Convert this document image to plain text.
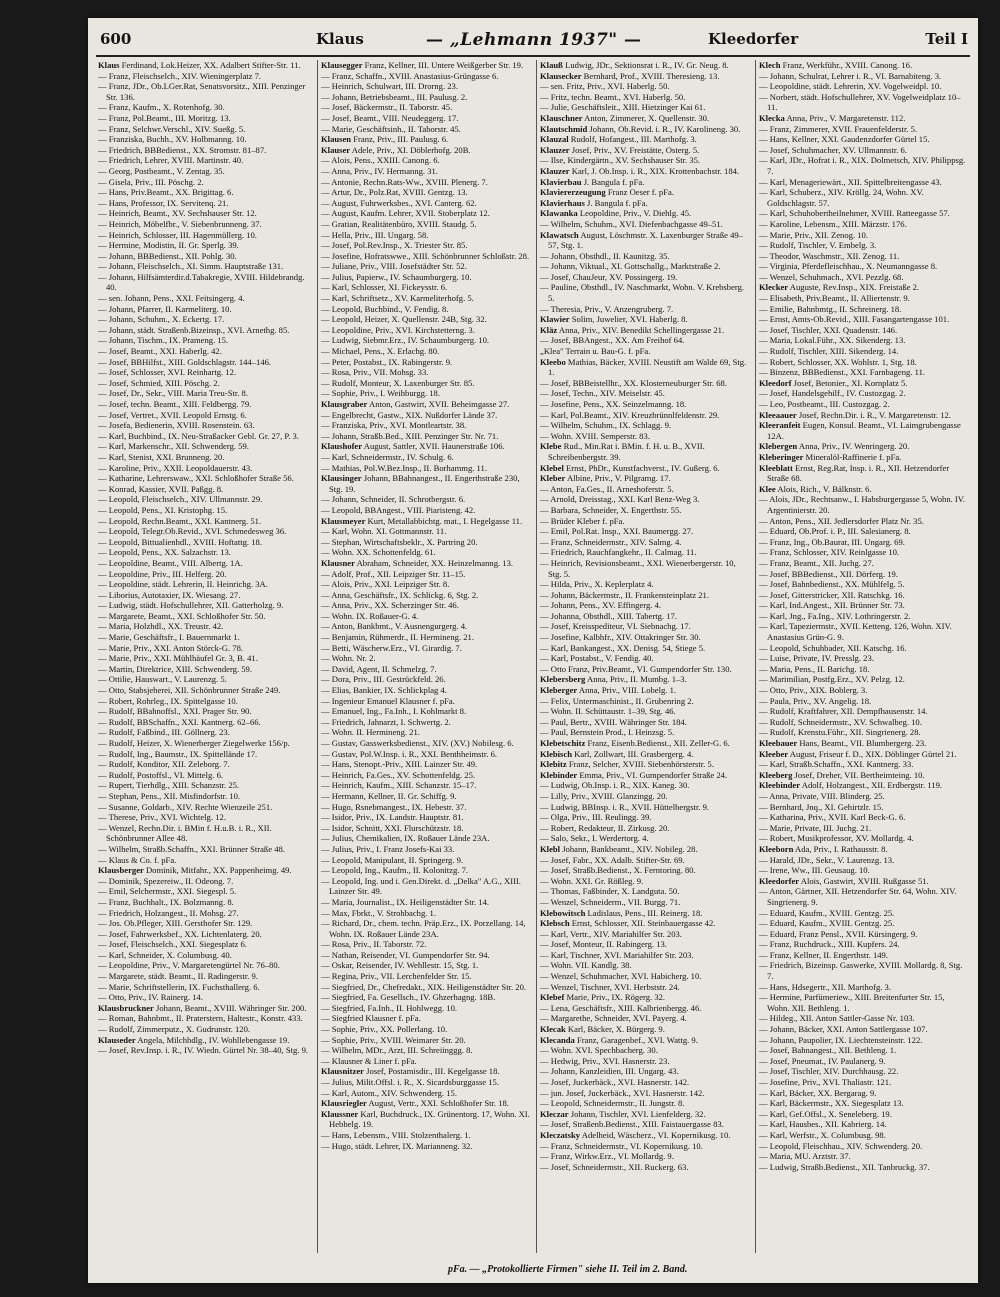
600	Klaus	— „Lehmann 1937" —	Kleedorfer	Teil I

Klaus Ferdinand, Lok.Heizer, XX. Adalbert Stifter-Str. 11.

— Franz, Fleischselch., XIV. Wieningerplatz 7.

— Franz, JDr., Ob.LGer.Rat, Senatsvorsitz., XIII. Penzinger Str. 136.

— Franz, Kaufm., X. Rotenhofg. 30.

— Franz, Pol.Beamt., III. Moritzg. 13.

— Franz, Selchwr.Verschl., XIV. Sueßg. 5.

— Franziska, Buchh., XV. Holbmanng. 10.

— Friedrich, BBBedienst., XX. Stromstr. 81–87.

— Friedrich, Lehrer, XVIII. Martinstr. 40.

— Georg, Postbeamt., V. Zentag. 35.

— Gisela, Priv., III. Pöschg. 2.

— Hans, Priv.Beamt., XX. Brigittag. 6.

— Hans, Professor, IX. Servitenq. 21.

— Heinrich, Beamt., XV. Sechshauser Str. 12.

— Heinrich, Möbelfbr., V. Siebenbrunneng. 37.

— Heinrich, Schlosser, III. Hagenmüllerg. 10.

— Hermine, Modistin, II. Gr. Sperlg. 39.

— Johann, BBBedienst., XII. Pohlg. 30.

— Johann, Fleischselch., XI. Simm. Hauptstraße 131.

— Johann, Hilfsämterdir.d.Tabakregie, XVIII. Hildebrandg. 40.

— sen. Johann, Pens., XXI. Feitsingerg. 4.

— Johann, Pfarrer, II. Karmeliterg. 10.

— Johann, Schuhm., X. Eckertg. 17.

— Johann, städt. Straßenb.Bizeinsp., XVI. Arnethg. 85.

— Johann, Tischm., IX. Prameng. 15.

— Josef, Beamt., XXI. Haberlg. 42.

— Josef, BBHilfst., XIII. Goldschlagstr. 144–146.

— Josef, Schlosser, XVI. Reinhartg. 12.

— Josef, Schmied, XIII. Pöschg. 2.

— Josef, Dr., Sekr., VIII. Maria Treu-Str. 8.

— Josef, techn. Beamt., XIII. Feldbergg. 79.

— Josef, Vertret., XVII. Leopold Ernstg. 6.

— Josefa, Bedienerin, XVIII. Rosenstein. 63.

— Karl, Buchbind., IX. Neu-Straßacker Gebl. Gr. 27, P. 3.

— Karl, Markenschr., XII. Schwenderg. 59.

— Karl, Stenist, XXI. Brunneng. 20.

— Karoline, Priv., XXII. Leopoldauerstr. 43.

— Katharine, Lehrerswaw., XXI. Schloßhofer Straße 56.

— Konrad, Kassier, XVII. Paßgg. 8.

— Leopold, Fleischselch., XIV. Ullmannstr. 29.

— Leopold, Pens., XI. Kristophg. 15.

— Leopold, Rechn.Beamt., XXI. Kantnerg. 51.

— Leopold, Telegr.Ob.Revid., XVI. Schmedesweg 36.

— Leopold, Bittualienhdl., XVIII. Hoftattg. 18.

— Leopold, Pens., XX. Salzachstr. 13.

— Leopoldine, Beamt., VIII. Albertg. 1A.

— Leopoldine, Priv., III. Helferg. 20.

— Leopoldine, städt. Lehrerin, II. Heinrichg. 3A.

— Liborius, Autotaxier, IX. Wiesang. 27.

— Ludwig, städt. Hofschullehrer, XII. Gatterholzg. 9.

— Margarete, Beamt., XXI. Schloßhofer Str. 50.

— Maria, Holzhdl., XX. Treustr. 42.

— Marie, Geschäftsfr., I. Bauernmarkt 1.

— Marie, Priv., XXI. Anton Störck-G. 78.

— Marie, Priv., XXI. Mühlhäufel Gr. 3, B. 41.

— Martin, Direktrice, XIII. Schwenderg. 59.

— Ottilie, Hauswart., V. Laurenzg. 5.

— Otto, Stabsjeherei, XII. Schönbrunner Straße 249.

— Robert, Rohrleg., IX. Spittelgasse 10.

— Rudolf, BBahnoffsl., XXI. Prager Str. 90.

— Rudolf, BBSchaffn., XXI. Kantnerg. 62–66.

— Rudolf, Faßbind., III. Göllnerg. 23.

— Rudolf, Heizer, X. Wienerberger Ziegelwerke 156/p.

— Rudolf, Ing., Baumstr., IX. Spittellände 17.

— Rudolf, Konditor, XII. Zeleborg. 7.

— Rudolf, Postoffsl., VI. Mittelg. 6.

— Rupert, Tierhdlg., XIII. Schanzstr. 25.

— Stephan, Pens., XII. Misfindorfstr. 10.

— Susanne, Goldarb., XIV. Rechte Wienzeile 251.

— Therese, Priv., XVI. Wichtelg. 12.

— Wenzel, Rechn.Dir. i. BMin f. H.u.B. i. R., XII. Schönbrunner Allee 48.

— Wilhelm, Straßb.Schaffn., XXI. Brünner Straße 48.

— Klaus & Co. f. pFa.

Klausberger Dominik, Mitfahr., XX. Pappenheimg. 49.

— Dominik, Spezereiw., II. Odeong. 7.

— Emil, Selchermstr., XXI. Siegespl. 5.

— Franz, Buchhalt., IX. Bolzmanng. 8.

— Friedrich, Holzangest., II. Mohsg. 27.

— Jos. Ob.Pfleger, XIII. Gersthofer Str. 129.

— Josef, Fahrwerksbef., XX. Lichtenlaterg. 20.

— Josef, Fleischselch., XXI. Siegesplatz 6.

— Karl, Schneider, X. Columbusg. 40.

— Leopoldine, Priv., V. Margaretengürtel Nr. 76–80.

— Margarete, städt. Beamt., II. Radingerstr. 9.

— Marie, Schriftstellerin, IX. Fuchsthallerg. 6.

— Otto, Priv., IV. Rainerg. 14.

Klausbruckner Johann, Beamt., XVIII. Währinger Str. 200.

— Roman, Bahnbmt., II. Praterstern, Haltestr., Konstr. 433.

— Rudolf, Zimmerputz., X. Gudrunstr. 120.

Klauseder Angela, Milchhdlg., IV. Wohllebengasse 19.

— Josef, Rev.Insp. i. R., IV. Wiedn. Gürtel Nr. 38–40, Stg. 9.

Klausegger Franz, Kellner, III. Untere Weißgerber Str. 19.

— Franz, Schaffn., XVIII. Anastasius-Grüngasse 6.

— Heinrich, Schulwart, III. Drorng. 23.

— Johann, Betriebsbeamt., III. Paulusg. 2.

— Josef, Bäckermstr., II. Taborstr. 45.

— Josef, Beamt., VIII. Neudeggerg. 17.

— Marie, Geschäftsinh., II. Taborstr. 45.

Klausen Franz, Priv., III. Paulusg. 6.

Klauser Adele, Priv., XI. Döblerhofg. 20B.

— Alois, Pens., XXIII. Canong. 6.

— Anna, Priv., IV. Hermanng. 31.

— Antonie, Rechn.Rats-Ww., XVIII. Plenerg. 7.

— Artur, Dr., Polz.Rat, XVIII. Gentzg. 13.

— August, Fuhrwerksbes., XVI. Canterg. 62.

— August, Kaufm. Lehrer, XVII. Stoberplatz 12.

— Gratian, Realitätenbüro, XVIII. Staudg. 5.

— Hella, Priv., III. Ungarg. 58.

— Josef, Pol.Rev.Insp., X. Triester Str. 85.

— Josefine, Hofratswwe., XIII. Schönbrunner Schloßstr. 28.

— Juliane, Priv., VIII. Josefstädter Str. 52.

— Julius, Papierw., IV. Schaumburgerg. 10.

— Karl, Schlosser, XI. Fickeysstr. 6.

— Karl, Schriftsetz., XV. Karmeliterhofg. 5.

— Leopold, Buchbind., V. Fendig. 8.

— Leopold, Heizer, X. Quellenstr. 24B, Stg. 32.

— Leopoldine, Priv., XVI. Kirchstetterng. 3.

— Ludwig, Siebmr.Erz., IV. Schaumburgerg. 10.

— Michael, Pens., X. Erlachg. 80.

— Peter, Postabst., IX. Rabingerstr. 9.

— Rosa, Priv., VII. Mohsg. 33.

— Rudolf, Monteur, X. Laxenburger Str. 85.

— Sophie, Priv., I. Weihburgg. 18.

Klausgraber Anton, Gastwirt, XVII. Beheimgasse 27.

— Engelbrecht, Gastw., XIX. Nußdorfer Lände 37.

— Franziska, Priv., XVI. Montleartstr. 38.

— Johann, Straßb.Bed., XIII. Penzinger Str. Nr. 71.

Klaushofer August, Sattler, XVII. Haunerstraße 106.

— Karl, Schneidermstr., IV. Schulg. 6.

— Mathias, Pol.W.Bez.Insp., II. Borhammg. 11.

Klausinger Johann, BBahnangest., II. Engerthstraße 230, Stg. 19.

— Johann, Schneider, II. Schrotbergstr. 6.

— Leopold, BBAngest., VIII. Piaristeng. 42.

Klausmeyer Kurt, Metallabbichtg. mat., I. Hegelgasse 11.

— Karl, Wohn. XI. Gottmannstr. 11.

— Stephan, Wirtschaftsbeklr., X. Partring 20.

— Wohn. XX. Schottenfeldg. 61.

Klausner Abraham, Schneider, XX. Heinzelmanng. 13.

— Adolf, Prof., XII. Leipziger Str. 11–15.

— Alois, Priv., XXI. Leipziger Str. 8.

— Anna, Geschäftsfr., IX. Schlickg. 6, Stg. 2.

— Anna, Priv., XX. Scherzinger Str. 46.

— Wohn. IX. Roßauer-G. 4.

— Anton, Bankbmt., V. Ausnengurgerg. 4.

— Benjamin, Rühmerdr., II. Hermineng. 21.

— Betti, Wäscherw.Erz., VI. Girardig. 7.

— Wohn. Nr. 2.

— David, Agent, II. Schmelzg. 7.

— Dora, Priv., III. Gestrückfeld. 26.

— Elias, Bankier, IX. Schlickplag 4.

— Ingenieur Emanuel Klausner f. pFa.

— Emanuel, Ing., Fa.Inh., I. Kohlmarkt 8.

— Friedrich, Jahnarzt, I. Schwertg. 2.

— Wohn. II. Hermineng. 21.

— Gustav, Gasswerksbedienst., XIV. (XV.) Nobilesg. 6.

— Gustav, Pol.W.Insp. i. R., XXI. Benthheimstr. 6.

— Hans, Stenopt.-Priv., XIII. Lainzer Str. 49.

— Heinrich, Fa.Ges., XV. Schottenfeldg. 25.

— Heinrich, Kaufm., XIII. Schanzstr. 15–17.

— Hermann, Kellner, II. Gr. Schiffg. 9.

— Hugo, Rsnebmangest., IX. Hebestr. 37.

— Isidor, Priv., IX. Landstr. Hauptstr. 81.

— Isidor, Schnitt, XXI. Flurschützstr. 18.

— Julius, Chemikalien, IX. Roßauer Lände 23A.

— Julius, Priv., I. Franz Josefs-Kai 33.

— Leopold, Manipulant, II. Springerg. 9.

— Leopold, Ing., Kaufm., II. Kolonitzg. 7.

— Leopold, Ing. und i. Gen.Direkt. d. „Delka" A.G., XIII. Lainzer Str. 49.

— Maria, Journalist., IX. Heiligenstädter Str. 14.

— Max, Fbrkt., V. Strohbachg. 1.

— Richard, Dr., chem. techn. Präp.Erz., IX. Porzellang. 14, Wohn. IX. Roßauer Lände 23A.

— Rosa, Priv., II. Taborstr. 72.

— Nathan, Reisender, VI. Gumpendorfer Str. 94.

— Oskar, Reisender, IV. Wehllestr. 15, Stg. 1.

— Regina, Priv., VII. Lerchenfelder Str. 15.

— Siegfried, Dr., Chefredakt., XIX. Heiligenstädter Str. 20.

— Siegfried, Fa. Gesellsch., IV. Ghzerhagng. 18B.

— Siegfried, Fa.Inh., II. Hohlwegg. 10.

— Siegfried Klausner f. pFa.

— Sophie, Priv., XX. Pollerlang. 10.

— Sophie, Priv., XVIII. Weimarer Str. 20.

— Wilhelm, MDr., Arzt, III. Schreiinggg. 8.

— Klausner & Liner f. pFa.

Klausnitzer Josef, Postamisdir., III. Kegelgasse 18.

— Julius, Milit.Offsl. i. R., X. Sicardsburggasse 15.

— Karl, Autom., XIV. Schwenderg. 15.

Klausriegler August, Vertr., XXI. Schloßhofer Str. 18.

Klaussner Karl, Buchdruck., IX. Grünentorg. 17, Wohn. XI. Hebbelg. 19.

— Hans, Lebensm., VIII. Stolzenthalerg. 1.

— Hugo, städt. Lehrer, IX. Marianneng. 32.

Klauß Ludwig, JDr., Sektionsrat i. R., IV. Gr. Neug. 8.

Klausecker Bernhard, Prof., XVIII. Theresieng. 13.

— sen. Fritz, Priv., XVI. Haberlg. 50.

— Fritz, techn. Beamt., XVI. Haberlg. 50.

— Julie, Geschäftsleit., XIII. Hietzinger Kai 61.

Klauschner Anton, Zimmerer, X. Quellenstr. 30.

Klautschmid Johann, Ob.Revid. i. R., IV. Karolineng. 30.

Klauzal Rudolf, Hofangest., III. Marthofg. 3.

Klauzer Josef, Priv., XV. Freistätte, Osterg. 5.

— Ilse, Kindergärtn., XV. Sechshauser Str. 35.

Klauzer Karl, J. Ob.Insp. i. R., XIX. Krottenbachstr. 184.

Klavierbau J. Bangula f. pFa.

Klaviererzeugung Franz Oeser f. pFa.

Klavierhaus J. Bangula f. pFa.

Klawanka Leopoldine, Priv., V. Diehlg. 45.

— Wilhelm, Schuhm., XVI. Diefenbachgasse 49–51.

Klawatsch August, Löschmstr. X. Laxenburger Straße 49–57, Stg. 1.

— Johann, Obsthdl., II. Kaunitzg. 35.

— Johann, Viktual., XI. Gottschallg., Marktstraße 2.

— Josef, ChauJeur, XV. Possingerg. 19.

— Pauline, Obsthdl., IV. Naschmarkt, Wohn. V. Krebsberg. 5.

— Theresia, Priv., V. Anzengruberg. 7.

Klawier Solim, Juwelier, XVI. Haberlg. 8.

Kläz Anna, Priv., XIV. Benedikt Schellingergasse 21.

— Josef, BBAngest., XX. Am Freihof 64.

„Klea" Terrain u. Bau-G. f. pFa.

Kleebo Mathias, Bäcker, XVIII. Neustift am Walde 69, Stg. 1.

— Josef, BBBeistellhr., XX. Klosterneuburger Str. 68.

— Josef, Techn., XIV. Meiselstr. 45.

— Josefine, Pens., XX. Seinzelmanng. 18.

— Karl, Pol.Beamt., XIV. Kreuzbrünnlfeldenstr. 29.

— Wilhelm, Schuhm., IX. Schlagg. 9.

— Wohn. XVIII. Semperstr. 83.

Klebe Rud., Min.Rat i. BMin. f. H. u. B., XVII. Schreibenbergstr. 39.

Klebel Ernst, PhDr., Kunstfachverst., IV. Gußerg. 6.

Kleber Albine, Priv., V. Pilgramg. 17.

— Anton, Fa.Ges., II. Arneshoferstr. 5.

— Arnold, Dreisstag., XXI. Karl Benz-Weg 3.

— Barbara, Schneider, X. Engerthstr. 55.

— Brüder Kleber f. pFa.

— Emil, Pol.Rat. Insp., XXI. Baumergg. 27.

— Franz, Schneidermstr., XIV. Salmg. 4.

— Friedrich, Rauchfangkehr., II. Calmag. 11.

— Heinrich, Revisionsbeamt., XXI. Wienerbergerstr. 10, Stg. 5.

— Hilda, Priv., X. Keplerplatz 4.

— Johann, Bäckermstr., II. Frankensteinplatz 21.

— Johann, Pens., XV. Effingerg. 4.

— Johanna, Obsthdl., XIII. Tabertg. 17.

— Josef, Kreisspediteur, VI. Siebnachg. 17.

— Josefine, Kalbhfr., XIV. Ottakringer Str. 30.

— Karl, Bankangest., XX. Denisg. 54, Stiege 5.

— Karl, Postabst., V. Fendig. 40.

— Otto Franz, Priv.Beamt., VI. Gumpendorfer Str. 130.

Klebersberg Anna, Priv., II. Mumbg. 1–3.

Kleberger Anna, Priv., VIII. Lobelg. 1.

— Felix, Untermaschinist., II. Grubenring 2.

— Wohn. II. Schüttaustr. 1–39, Stg. 46.

— Paul, Bertr., XVIII. Währinger Str. 184.

— Paul, Bernstein Prod., I. Heinzsg. 5.

Klebetschitz Franz, Eisenb.Bedienst., XII. Zeller-G. 6.

Klebisch Karl, Zollwart, III. Grasbergerg. 4.

Klebitz Franz, Selcher, XVIII. Siebenhörsterstr. 5.

Klebinder Emma, Priv., VI. Gumpendorfer Straße 24.

— Ludwig, Ob.Insp. i. R., XIX. Kaneg. 30.

— Lilly, Priv., XVIII. Glanzingg. 20.

— Ludwig, BBInsp. i. R., XVII. Hüttelbergstr. 9.

— Olga, Priv., III. Reulingg. 39.

— Robert, Redakteur, II. Zirkusg. 20.

— Salo, Sekr., I. Werdertorg. 4.

Klebl Johann, Bankbeamt., XIV. Nobileg. 28.

— Josef, Fabr., XX. Adalb. Stifter-Str. 69.

— Josef, Straßb.Bedienst., X. Ferntoring. 80.

— Wohn. XXI. Gr. Rößleg. 9.

— Thomas, Faßbinder, X. Landguta. 50.

— Wenzel, Schneiderm., VII. Burgg. 71.

Klebowitsch Ladislaus, Pens., III. Reinerg. 18.

Klebsch Ernst, Schlosser, XII. Steinbauergasse 42.

— Karl, Vertr., XIV. Mariahilfer Str. 203.

— Josef, Monteur, II. Rabingerg. 13.

— Karl, Tischner, XVI. Mariahilfer Str. 203.

— Wohn. VII. Kandlg. 38.

— Wenzel, Schuhmacher, XVI. Habicherg. 10.

— Wenzel, Tischner, XVI. Herbststr. 24.

Klebef Marie, Priv., IX. Rögerg. 32.

— Lena, Geschäftsfr., XIII. Kalbrienbergg. 46.

— Margarethe, Schneider, XVI. Payerg. 4.

Klecak Karl, Bäcker, X. Bürgerg. 9.

Klecanda Franz, Garagenbef., XVI. Wattg. 9.

— Wohn. XVI. Spechbacherg. 30.

— Hedwig, Priv., XVI. Hasnerstr. 23.

— Johann, Kanzleidien, III. Ungarg. 43.

— Josef, Juckerbäck., XVI. Hasnerstr. 142.

— jun. Josef, Juckerbäck., XVI. Hasnerstr. 142.

— Leopold, Schneidermstr., II. Jungstr. 8.

Kleczar Johann, Tischler, XVI. Lienfelderg. 32.

— Josef, Straßenb.Bedienst., XIII. Faistauergasse 83.

Kleczatsky Adelheid, Wäscherz., VI. Kopernikusg. 10.

— Franz, Schneidermstr., VI. Kopernikusg. 10.

— Franz, Wirkw.Erz., VI. Mollardg. 9.

— Josef, Schneidermstr., XII. Ruckerg. 63.

Klech Franz, Werkführ., XVIII. Canong. 16.

— Johann, Schulrat, Lehrer i. R., VI. Barnabiteng. 3.

— Leopoldine, städt. Lehrerin, XV. Vogelweidpl. 10.

— Norbert, städt. Hofschullehrer, XV. Vogelweidplatz 10–11.

Klecka Anna, Priv., V. Margaretenstr. 112.

— Franz, Zimmerer, XVII. Frauenfelderstr. 5.

— Hans, Kellner, XXI. Gaudenzdorfer Gürtel 15.

— Josef, Schuhmacher, XV. Ullmannstr. 6.

— Karl, JDr., Hofrat i. R., XIX. Dolmetsch, XIV. Philippsg. 7.

— Karl, Menageriewärt., XII. Spittelbreitengasse 43.

— Karl, Schuberz., XIV. Kröllg. 24, Wohn. XV. Goldschlagstr. 57.

— Karl, Schuhobertheilnehmer, XVIII. Ratteegasse 57.

— Karoline, Lebensm., XIII. Märzstr. 176.

— Marie, Priv., XII. Zenog. 10.

— Rudolf, Tischler, V. Embelg. 3.

— Theodor, Waschmstr., XII. Zenog. 11.

— Virginia, Pferdefleischhau., X. Neumanngasse 8.

— Wenzel, Schuhmach., XVI. Pezzlg. 68.

Klecker Auguste, Rev.Insp., XIX. Freistaße 2.

— Elisabeth, Priv.Beamt., II. Alliertenstr. 9.

— Emilie, Bahnbmtg., II. Schreinerg. 18.

— Ernst, Amts-Ob.Revid., XIII. Fasangartengasse 101.

— Josef, Tischler, XXI. Quadenstr. 146.

— Maria, Lokal.Führ., XX. Sikenderg. 13.

— Rudolf, Tischler, XIII. Sikenderg. 14.

— Robert, Schlosser, XX. Wohlstr. 1, Stg. 18.

— Binzenz, BBBedienst., XXI. Farnbageng. 11.

Kleedorf Josef, Betonier., XI. Kornplatz 5.

— Josef, Handelsgehilf., IV. Custozgag. 2.

— Leo, Postbeamt., III. Custozgag. 2.

Kleeaauer Josef, Rechn.Dir. i. R., V. Margaretenstr. 12.

Kleeranfeit Eugen, Konsul. Beamt., VI. Laimgrubengasse 12A.

Klebergen Anna, Priv., IV. Wenringerg. 20.

Kleberinger Mineralöl-Raffinerie f. pFa.

Kleeblatt Ernst, Reg.Rat, Insp. i. R., XII. Hetzendorfer Straße 68.

Klee Alois, Rich., V. Bälknstr. 6.

— Alois, JDr., Rechtsanw., I. Habsburgergasse 5, Wohn. IV. Argentinierstr. 20.

— Anton, Pens., XII. Jedlersdorfer Platz Nr. 35.

— Eduard, Ob.Prof. i. P., III. Salesianerg. 8.

— Franz, Ing., Ob.Baurat, III. Ungarg. 69.

— Franz, Schlosser, XIV. Reinlgasse 10.

— Franz, Beamt., XII. Juchg. 27.

— Josef, BBBedienst., XII. Dörferg. 19.

— Josef, Bahnbedienst., XX. Mühlfelg. 5.

— Josef, Gitterstricker, XII. Ratschkg. 16.

— Karl, Ind.Angest., XII. Brünner Str. 73.

— Karl, Jng., Fa.Ing., XIV. Lothringerstr. 2.

— Karl, Tapeziermstr., XVII. Ketteng. 126, Wohn. XIV. Anastasius Grün-G. 9.

— Leopold, Schuhbader, XII. Katschg. 16.

— Luise, Private, IV. Presslg. 23.

— Maria, Pens., II. Barichg. 18.

— Marimilian, Postfg.Erz., XV. Pelzg. 12.

— Otto, Priv., XIX. Boblerg. 3.

— Paula, Priv., XV. Angelig. 18.

— Rudolf, Kraftfahrer, XII. Dempfhausenstr. 14.

— Rudolf, Schneidermstr., XV. Schwalbeg. 10.

— Rudolf, Krenstu.Führ., XII. Singrienerg. 28.

Kleebauer Hans, Beamt., VII. Blumbergerg. 23.

Kleeber August, Friseur f. D., XIX. Döblinger Gürtel 21.

— Karl, Straßb.Schaffn., XXI. Kantnerg. 33.

Kleeberg Josef, Dreher, VII. Bertheimteing. 10.

Kleebinder Adolf, Holzangest., XII. Erdbergstr. 119.

— Anna, Private, VIII. Blinderg. 25.

— Bernhard, Jnq., XI. Gehirtzlr. 15.

— Katharina, Priv., XVII. Karl Beck-G. 6.

— Marie, Private, III. Juchg. 21.

— Robert, Musikprofessor, XV. Mollardg. 4.

Kleeborn Ada, Priv., I. Rathausstr. 8.

— Harald, JDr., Sekr., V. Laurenzg. 13.

— Irene, Ww., III. Geusaug. 10.

Kleedorfer Alois, Gastwirt, XVIII. Rußgasse 51.

— Anton, Gärtner, XII. Hetzendorfer Str. 64, Wohn. XIV. Singrienerg. 9.

— Eduard, Kaufm., XVIII. Gentzg. 25.

— Eduard, Kaufm., XVIII. Gentzg. 25.

— Eduard, Franz Pensl., XVII. Kürsingerg. 9.

— Franz, Ruchdruck., XIII. Kupfers. 24.

— Franz, Kellner, II. Engerthstr. 149.

— Friedrich, Bizeinsp. Gaswerke, XVIII. Mollardg. 8, Stg. 7.

— Hans, Hdsegertr., XII. Marthofg. 3.

— Hermine, Parfümeriew., XIII. Breitenfurter Str. 15, Wohn. XII. Bethleng. 1.

— Hildeg., XII. Anton Sattler-Gasse Nr. 103.

— Johann, Bäcker, XXI. Anton Sattlergasse 107.

— Johann, Paupolier, IX. Liechtensteinstr. 122.

— Josef, Bahnangest., XII. Bethleng. 1.

— Josef, Pneumat., IV. Paulanerg. 9.

— Josef, Tischler, XIV. Durchhausg. 22.

— Josefine, Priv., XVI. Thaliastr. 121.

— Karl, Bäcker, XX. Bergarag. 9.

— Karl, Bäckermstr., XX. Siegesplatz 13.

— Karl, Gef.Offsl., X. Seneleberg. 19.

— Karl, Hausbes., XII. Kabrierg. 14.

— Karl, Werfstr., X. Columbusg. 98.

— Leopold, Fleischhau., XIV. Schwenderg. 20.

— Maria, MU. Arztstr. 37.

— Ludwig, Straßb.Bedienst., XII. Tanbruckg. 37.

pFa. — „Protokollierte Firmen" siehe II. Teil im 2. Band.
